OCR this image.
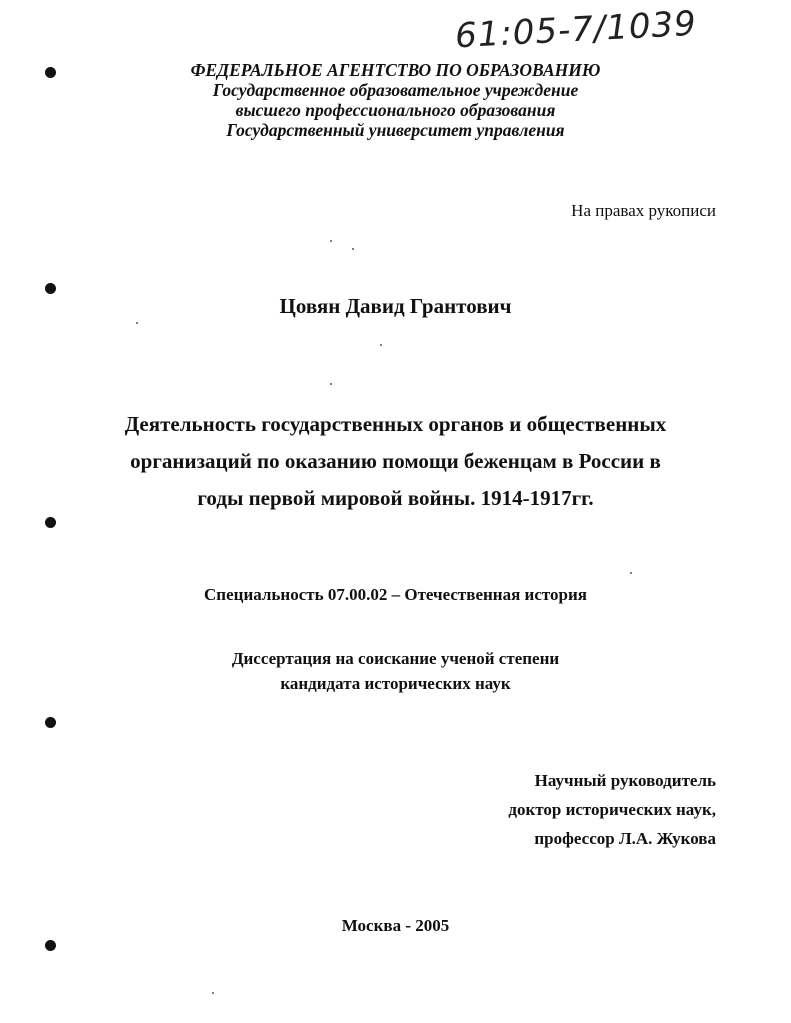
61:05-7/1039
ФЕДЕРАЛЬНОЕ АГЕНТСТВО ПО ОБРАЗОВАНИЮ
Государственное образовательное учреждение
высшего профессионального образования
Государственный университет управления
На правах рукописи
Цовян Давид Грантович
Деятельность государственных органов и общественных
организаций по оказанию помощи беженцам в России в
годы первой мировой войны. 1914-1917гг.
Специальность 07.00.02 – Отечественная история
Диссертация на соискание ученой степени
кандидата исторических наук
Научный руководитель
доктор исторических наук,
профессор Л.А. Жукова
Москва - 2005
